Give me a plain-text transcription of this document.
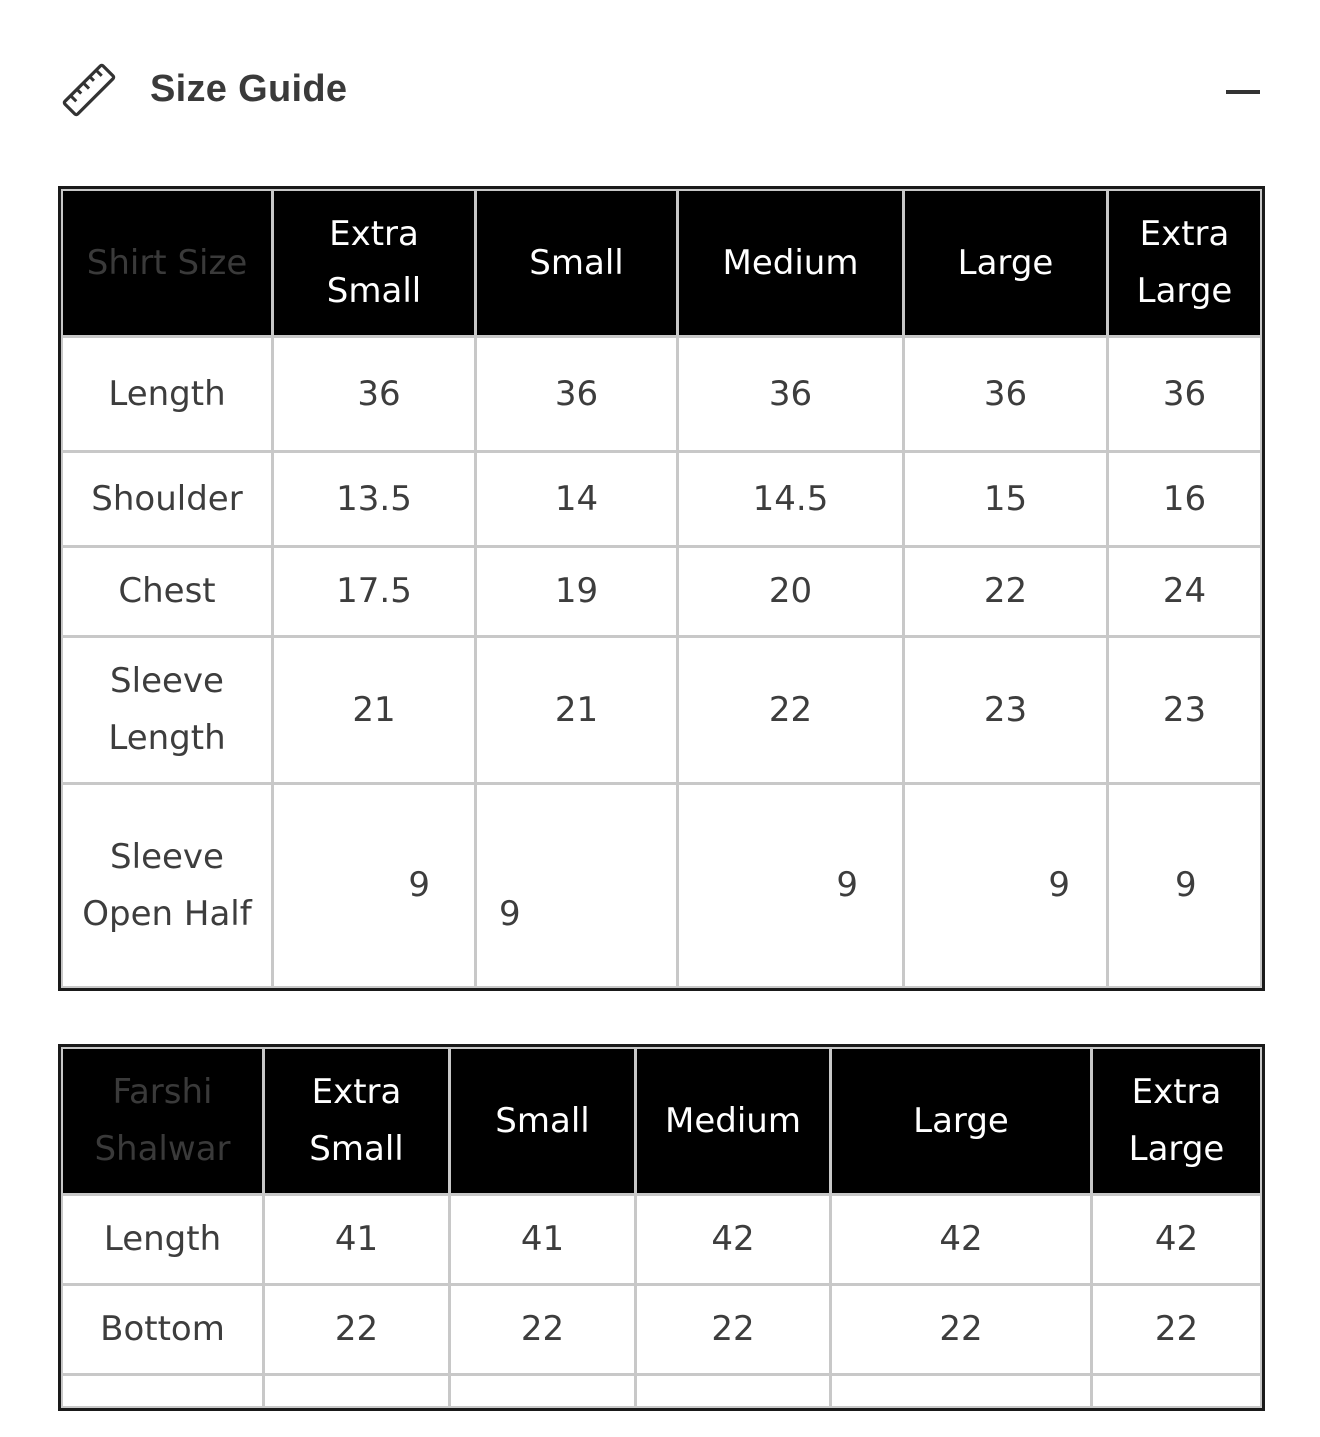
Size Guide
Shirt Size	Extra Small	Small	Medium	Large	Extra Large
Length	36	36	36	36	36
Shoulder	13.5	14	14.5	15	16
Chest	17.5	19	20	22	24
Sleeve Length	21	21	22	23	23
Sleeve Open Half	9	9	9	9	9
Farshi Shalwar	Extra Small	Small	Medium	Large	Extra Large
Length	41	41	42	42	42
Bottom	22	22	22	22	22
